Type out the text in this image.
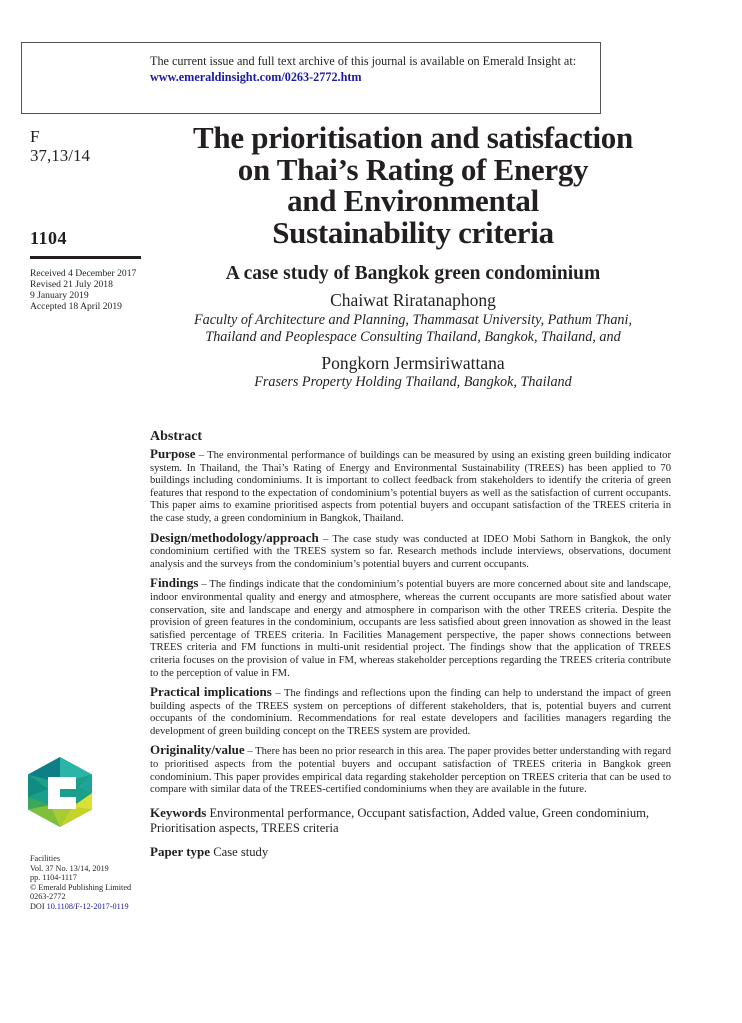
The current issue and full text archive of this journal is available on Emerald Insight at:
www.emeraldinsight.com/0263-2772.htm
F
37,13/14
1104
Received 4 December 2017
Revised 21 July 2018
9 January 2019
Accepted 18 April 2019
Facilities
Vol. 37 No. 13/14, 2019
pp. 1104-1117
© Emerald Publishing Limited
0263-2772
DOI 10.1108/F-12-2017-0119
The prioritisation and satisfaction
on Thai’s Rating of Energy
and Environmental
Sustainability criteria
A case study of Bangkok green condominium
Chaiwat Riratanaphong
Faculty of Architecture and Planning, Thammasat University, Pathum Thani,
Thailand and Peoplespace Consulting Thailand, Bangkok, Thailand, and
Pongkorn Jermsiriwattana
Frasers Property Holding Thailand, Bangkok, Thailand
Abstract

Purpose – The environmental performance of buildings can be measured by using an existing green building indicator system. In Thailand, the Thai’s Rating of Energy and Environmental Sustainability (TREES) has been applied to 70 buildings including condominiums. It is important to collect feedback from stakeholders to identify the criteria of green features that respond to the expectation of condominium’s potential buyers as well as the satisfaction of current occupants. This paper aims to examine prioritised aspects from potential buyers and occupant satisfaction of the TREES criteria in the case study, a green condominium in Bangkok, Thailand.

Design/methodology/approach – The case study was conducted at IDEO Mobi Sathorn in Bangkok, the only condominium certified with the TREES system so far. Research methods include interviews, observations, document analysis and the surveys from the condominium’s potential buyers and current occupants.

Findings – The findings indicate that the condominium’s potential buyers are more concerned about site and landscape, indoor environmental quality and energy and atmosphere, whereas the current occupants are more satisfied about water conservation, site and landscape and energy and atmosphere in comparison with the other TREES criteria. Despite the provision of green features in the condominium, occupants are less satisfied about green innovation as showed in the least satisfied percentage of TREES criteria. In Facilities Management perspective, the paper shows connections between TREES criteria and FM functions in multi-unit residential project. The findings show that the application of TREES criteria focuses on the provision of value in FM, whereas stakeholder perceptions regarding the TREES criteria contribute to the perception of value in FM.

Practical implications – The findings and reflections upon the finding can help to understand the impact of green building aspects of the TREES system on perceptions of different stakeholders, that is, potential buyers and current occupants of the condominium. Recommendations for real estate developers and facilities managers regarding the development of green building concept on the TREES system are provided.

Originality/value – There has been no prior research in this area. The paper provides better understanding with regard to prioritised aspects from the potential buyers and occupant satisfaction of TREES criteria in Bangkok green condominium. This paper provides empirical data regarding stakeholder perception on TREES criteria that can be used to compare with similar data of the TREES-certified condominiums when they are available in the future.

Keywords Environmental performance, Occupant satisfaction, Added value, Green condominium, Prioritisation aspects, TREES criteria

Paper type Case study
